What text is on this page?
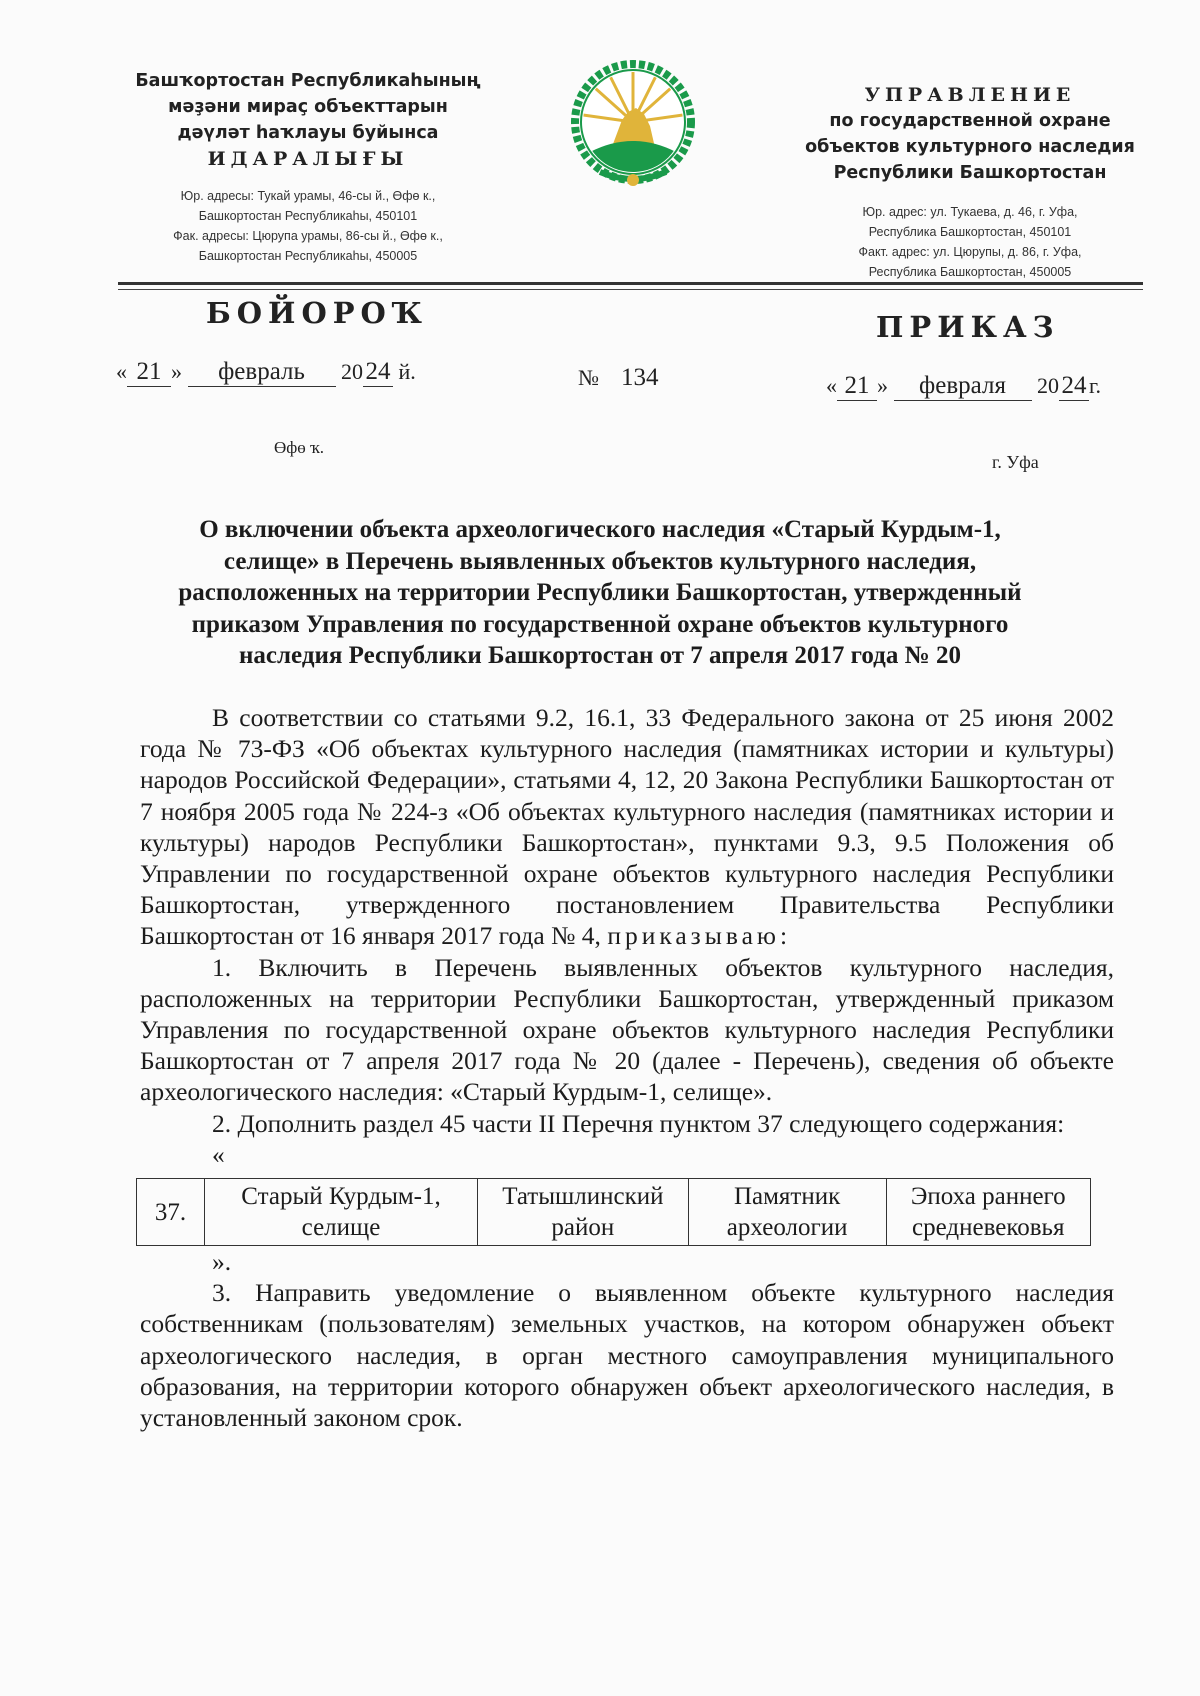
Башҡортостан Республикаһының
мәҙәни мираҫ объекттарын
дәүләт һаҡлауы буйынса
ИДАРАЛЫҒЫ
Юр. адресы: Тукай урамы, 46-сы й., Өфө к.,
Башкортостан Республикаһы, 450101
Фак. адресы: Цюрупа урамы, 86-сы й., Өфө к.,
Башкортостан Республикаһы, 450005
УПРАВЛЕНИЕ
по государственной охране
объектов культурного наследия
Республики Башкортостан
Юр. адрес: ул. Тукаева, д. 46, г. Уфа,
Республика Башкортостан, 450101
Факт. адрес: ул. Цюрупы, д. 86, г. Уфа,
Республика Башкортостан, 450005
БОЙОРОҠ	ПРИКАЗ
« 21 » февраль 20 24 й.	№ 134	« 21 » февраля 20 24 г.
Өфө ҡ.
г. Уфа
О включении объекта археологического наследия «Старый Курдым-1,
селище» в Перечень выявленных объектов культурного наследия,
расположенных на территории Республики Башкортостан, утвержденный
приказом Управления по государственной охране объектов культурного
наследия Республики Башкортостан от 7 апреля 2017 года № 20

В соответствии со статьями 9.2, 16.1, 33 Федерального закона от 25 июня 2002 года № 73-ФЗ «Об объектах культурного наследия (памятниках истории и культуры) народов Российской Федерации», статьями 4, 12, 20 Закона Республики Башкортостан от 7 ноября 2005 года № 224-з «Об объектах культурного наследия (памятниках истории и культуры) народов Республики Башкортостан», пунктами 9.3, 9.5 Положения об Управлении по государственной охране объектов культурного наследия Республики Башкортостан, утвержденного постановлением Правительства Республики Башкортостан от 16 января 2017 года № 4, приказываю:

1. Включить в Перечень выявленных объектов культурного наследия, расположенных на территории Республики Башкортостан, утвержденный приказом Управления по государственной охране объектов культурного наследия Республики Башкортостан от 7 апреля 2017 года № 20 (далее - Перечень), сведения об объекте археологического наследия: «Старый Курдым-1, селище».

2. Дополнить раздел 45 части II Перечня пунктом 37 следующего содержания:

«

37.	Старый Курдым-1, селище	Татышлинский район	Памятник археологии	Эпоха раннего средневековья

».

3. Направить уведомление о выявленном объекте культурного наследия собственникам (пользователям) земельных участков, на котором обнаружен объект археологического наследия, в орган местного самоуправления муниципального образования, на территории которого обнаружен объект археологического наследия, в установленный законом срок.
